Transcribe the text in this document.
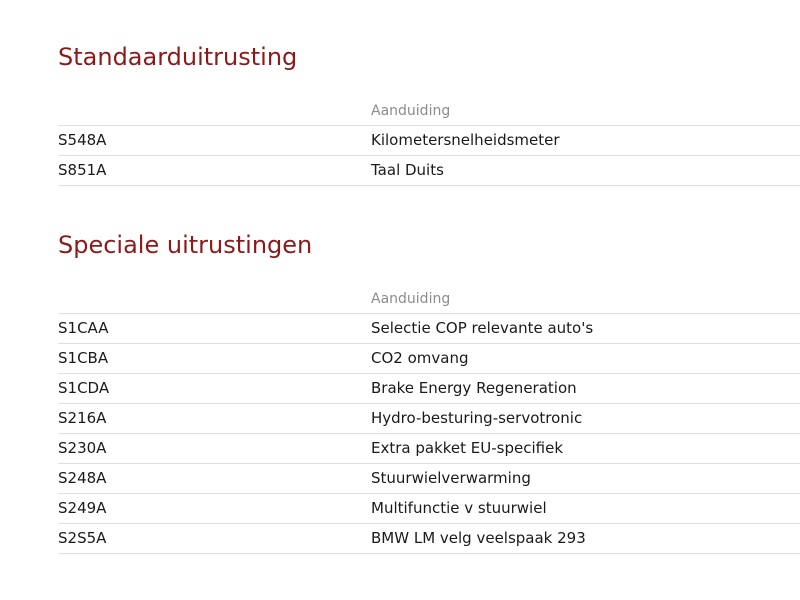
Standaarduitrusting
Aanduiding
S548A	Kilometersnelheidsmeter
S851A	Taal Duits
Speciale uitrustingen
Aanduiding
S1CAA	Selectie COP relevante auto's
S1CBA	CO2 omvang
S1CDA	Brake Energy Regeneration
S216A	Hydro-besturing-servotronic
S230A	Extra pakket EU-specifiek
S248A	Stuurwielverwarming
S249A	Multifunctie v stuurwiel
S2S5A	BMW LM velg veelspaak 293
